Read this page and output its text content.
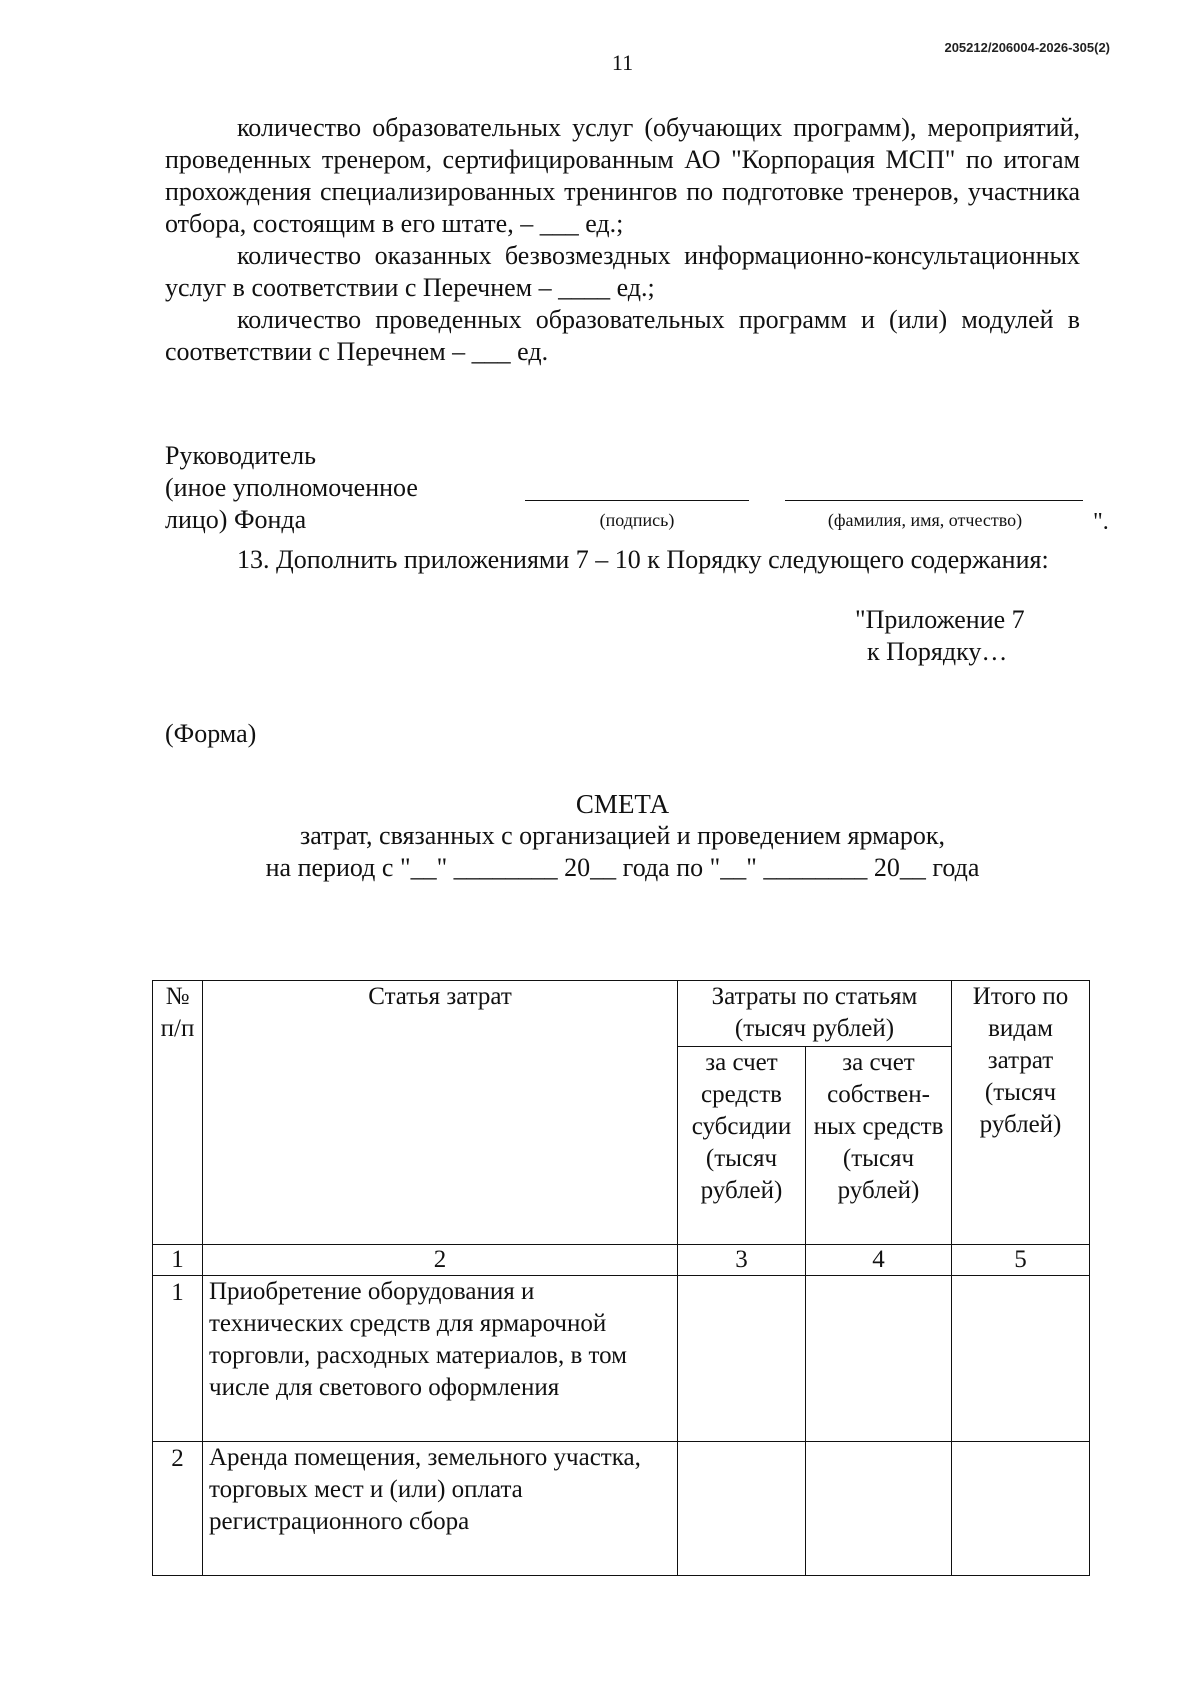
205212/206004-2026-305(2)
11

количество образовательных услуг (обучающих программ), мероприятий, проведенных тренером, сертифицированным АО "Корпорация МСП" по итогам прохождения специализированных тренингов по подготовке тренеров, участника отбора, состоящим в его штате, – ___ ед.;

количество оказанных безвозмездных информационно-консультационных услуг в соответствии с Перечнем – ____ ед.;

количество проведенных образовательных программ и (или) модулей в соответствии с Перечнем – ___ ед.

Руководитель
(иное уполномоченное
лицо) Фонда	(подпись)	(фамилия, имя, отчество)	".

13. Дополнить приложениями 7 – 10 к Порядку следующего содержания:

"Приложение 7
к Порядку…
(Форма)
СМЕТА
затрат, связанных с организацией и проведением ярмарок,
на период с "__" ________ 20__ года по "__" ________ 20__ года
№ п/п	Статья затрат	Затраты по статьям (тысяч рублей)		Итого по видам затрат (тысяч рублей)
		за счет средств субсидии (тысяч рублей)	за счет собствен-ных средств (тысяч рублей)	
1	2	3	4	5
1	Приобретение оборудования и технических средств для ярмарочной торговли, расходных материалов, в том числе для светового оформления			
2	Аренда помещения, земельного участка, торговых мест и (или) оплата регистрационного сбора			
